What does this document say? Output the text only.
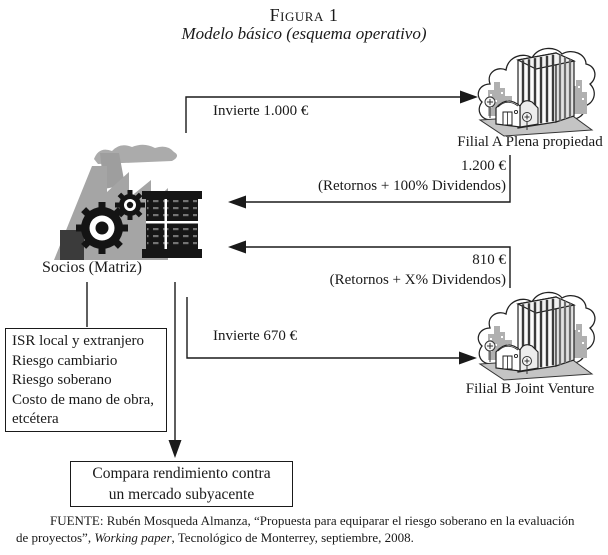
Figura 1
Modelo básico (esquema operativo)
Invierte 1.000 €
1.200 €
(Retornos + 100% Dividendos)
810 €
(Retornos + X% Dividendos)
Invierte 670 €
Socios (Matriz)
Filial A Plena propiedad
Filial B Joint Venture
ISR local y extranjero
Riesgo cambiario
Riesgo soberano
Costo de mano de obra,
etcétera
Compara rendimiento contra
un mercado subyacente
FUENTE: Rubén Mosqueda Almanza, “Propuesta para equiparar el riesgo soberano en la evaluación
de proyectos”, Working paper, Tecnológico de Monterrey, septiembre, 2008.
